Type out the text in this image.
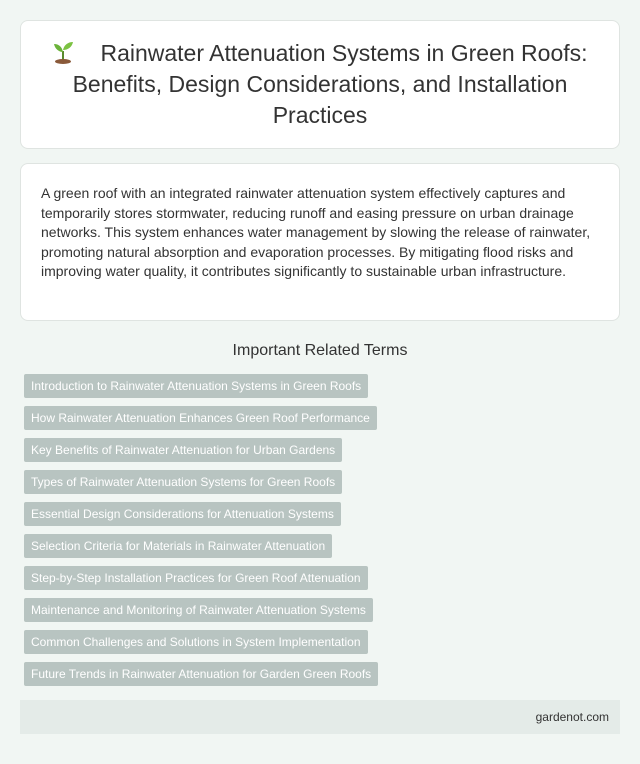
Rainwater Attenuation Systems in Green Roofs: Benefits, Design Considerations, and Installation Practices

A green roof with an integrated rainwater attenuation system effectively captures and temporarily stores stormwater, reducing runoff and easing pressure on urban drainage networks. This system enhances water management by slowing the release of rainwater, promoting natural absorption and evaporation processes. By mitigating flood risks and improving water quality, it contributes significantly to sustainable urban infrastructure.

Important Related Terms
Introduction to Rainwater Attenuation Systems in Green Roofs
How Rainwater Attenuation Enhances Green Roof Performance
Key Benefits of Rainwater Attenuation for Urban Gardens
Types of Rainwater Attenuation Systems for Green Roofs
Essential Design Considerations for Attenuation Systems
Selection Criteria for Materials in Rainwater Attenuation
Step-by-Step Installation Practices for Green Roof Attenuation
Maintenance and Monitoring of Rainwater Attenuation Systems
Common Challenges and Solutions in System Implementation
Future Trends in Rainwater Attenuation for Garden Green Roofs
gardenot.com
